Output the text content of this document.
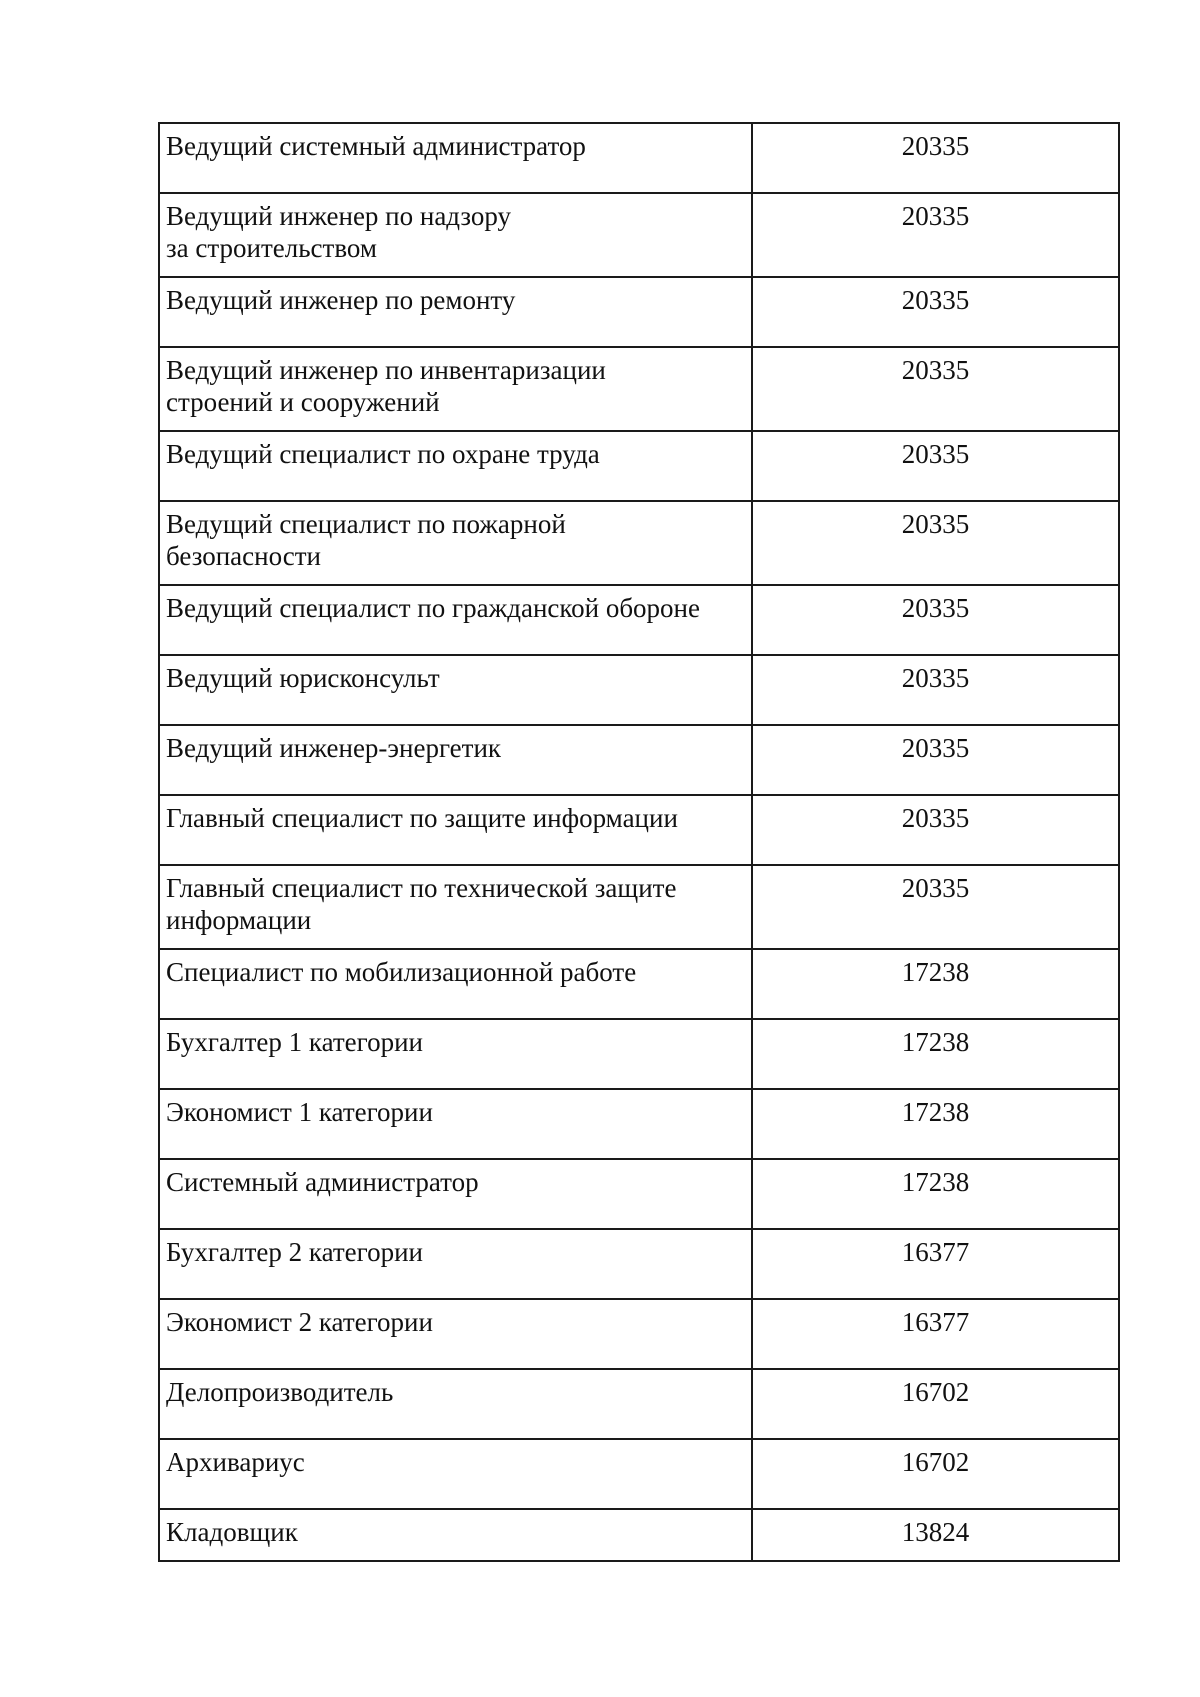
Ведущий системный администратор	20335
Ведущий инженер по надзору
за строительством	20335
Ведущий инженер по ремонту	20335
Ведущий инженер по инвентаризации
строений и сооружений	20335
Ведущий специалист по охране труда	20335
Ведущий специалист по пожарной
безопасности	20335
Ведущий специалист по гражданской обороне	20335
Ведущий юрисконсульт	20335
Ведущий инженер-энергетик	20335
Главный специалист по защите информации	20335
Главный специалист по технической защите
информации	20335
Специалист по мобилизационной работе	17238
Бухгалтер 1 категории	17238
Экономист 1 категории	17238
Системный администратор	17238
Бухгалтер 2 категории	16377
Экономист 2 категории	16377
Делопроизводитель	16702
Архивариус	16702
Кладовщик	13824
